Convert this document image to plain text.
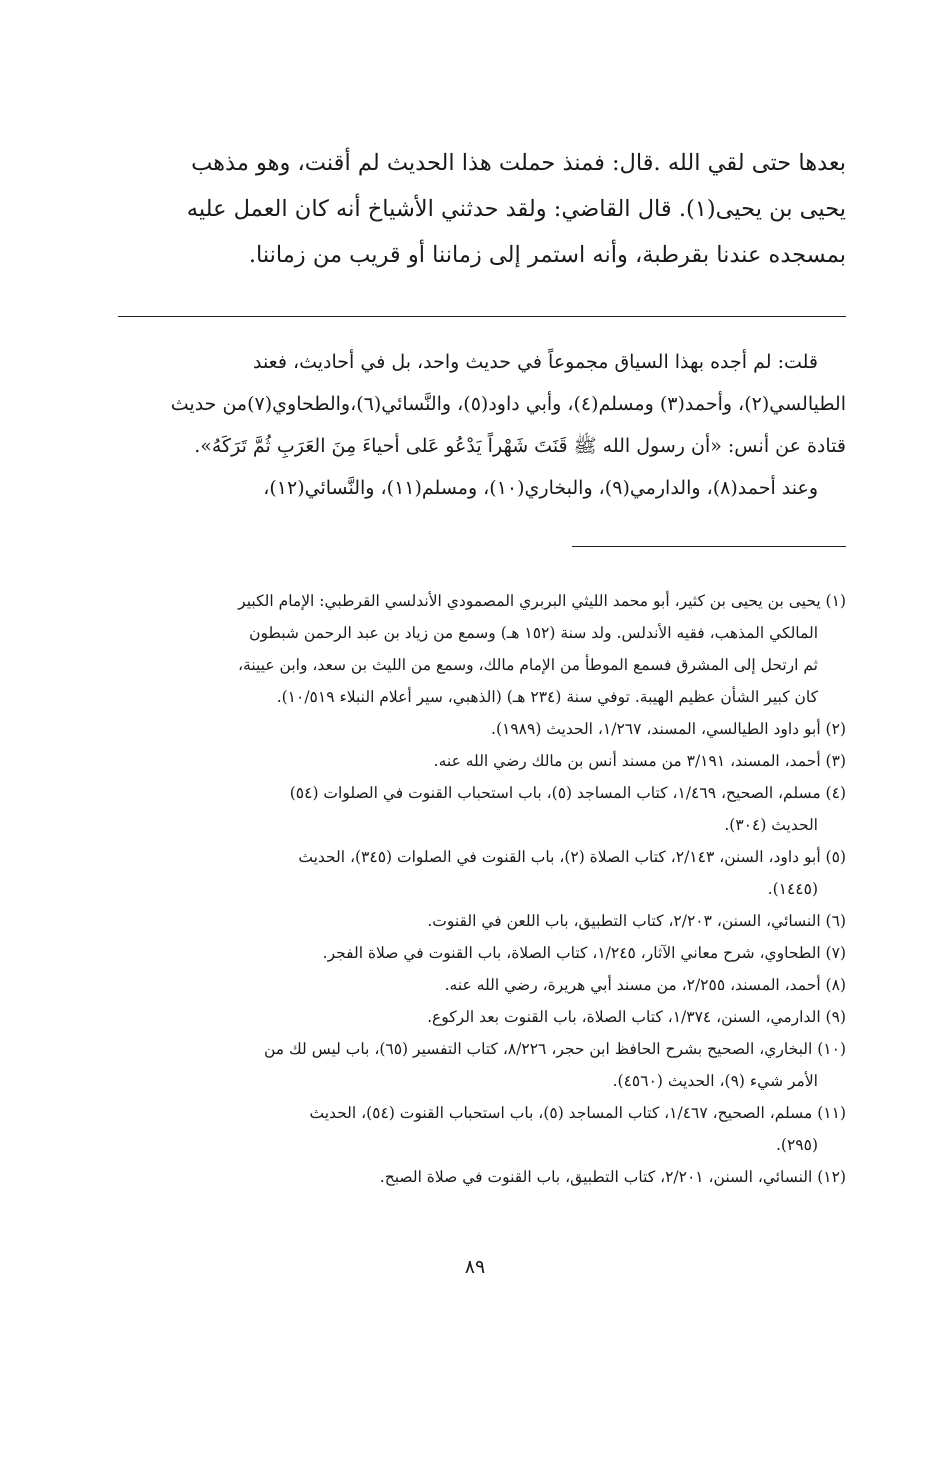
بعدها حتى لقي الله .قال: فمنذ حملت هذا الحديث لم أقنت، وهو مذهب

يحيى بن يحيى(١). قال القاضي: ولقد حدثني الأشياخ أنه كان العمل عليه

بمسجده عندنا بقرطبة، وأنه استمر إلى زماننا أو قريب من زماننا.

قلت: لم أجده بهذا السياق مجموعاً في حديث واحد، بل في أحاديث، فعند

الطيالسي(٢)، وأحمد(٣) ومسلم(٤)، وأبي داود(٥)، والنَّسائي(٦)،والطحاوي(٧)من حديث

قتادة عن أنس: «أن رسول الله ﷺ قَنَتَ شَهْراً يَدْعُو عَلى أحياءَ مِنَ العَرَبِ ثُمَّ تَرَكَهُ».

وعند أحمد(٨)، والدارمي(٩)، والبخاري(١٠)، ومسلم(١١)، والنَّسائي(١٢)،

(١) يحيى بن يحيى بن كثير، أبو محمد الليثي البربري المصمودي الأندلسي القرطبي: الإمام الكبير
المالكي المذهب، فقيه الأندلس. ولد سنة (١٥٢ هـ) وسمع من زياد بن عبد الرحمن شبطون
ثم ارتحل إلى المشرق فسمع الموطأ من الإمام مالك، وسمع من الليث بن سعد، وابن عيينة،
كان كبير الشأن عظيم الهيبة. توفي سنة (٢٣٤ هـ) (الذهبي، سير أعلام النبلاء ١٠/٥١٩).
(٢) أبو داود الطيالسي، المسند، ١/٢٦٧، الحديث (١٩٨٩).
(٣) أحمد، المسند، ٣/١٩١ من مسند أنس بن مالك رضي الله عنه.
(٤) مسلم، الصحيح، ١/٤٦٩، كتاب المساجد (٥)، باب استحباب القنوت في الصلوات (٥٤)
الحديث (٣٠٤).
(٥) أبو داود، السنن، ٢/١٤٣، كتاب الصلاة (٢)، باب القنوت في الصلوات (٣٤٥)، الحديث
(١٤٤٥).
(٦) النسائي، السنن، ٢/٢٠٣، كتاب التطبيق، باب اللعن في القنوت.
(٧) الطحاوي، شرح معاني الآثار، ١/٢٤٥، كتاب الصلاة، باب القنوت في صلاة الفجر.
(٨) أحمد، المسند، ٢/٢٥٥، من مسند أبي هريرة، رضي الله عنه.
(٩) الدارمي، السنن، ١/٣٧٤، كتاب الصلاة، باب القنوت بعد الركوع.
(١٠) البخاري، الصحيح بشرح الحافظ ابن حجر، ٨/٢٢٦، كتاب التفسير (٦٥)، باب ليس لك من
الأمر شيء (٩)، الحديث (٤٥٦٠).
(١١) مسلم، الصحيح، ١/٤٦٧، كتاب المساجد (٥)، باب استحباب القنوت (٥٤)، الحديث
(٢٩٥).
(١٢) النسائي، السنن، ٢/٢٠١، كتاب التطبيق، باب القنوت في صلاة الصبح.
٨٩
